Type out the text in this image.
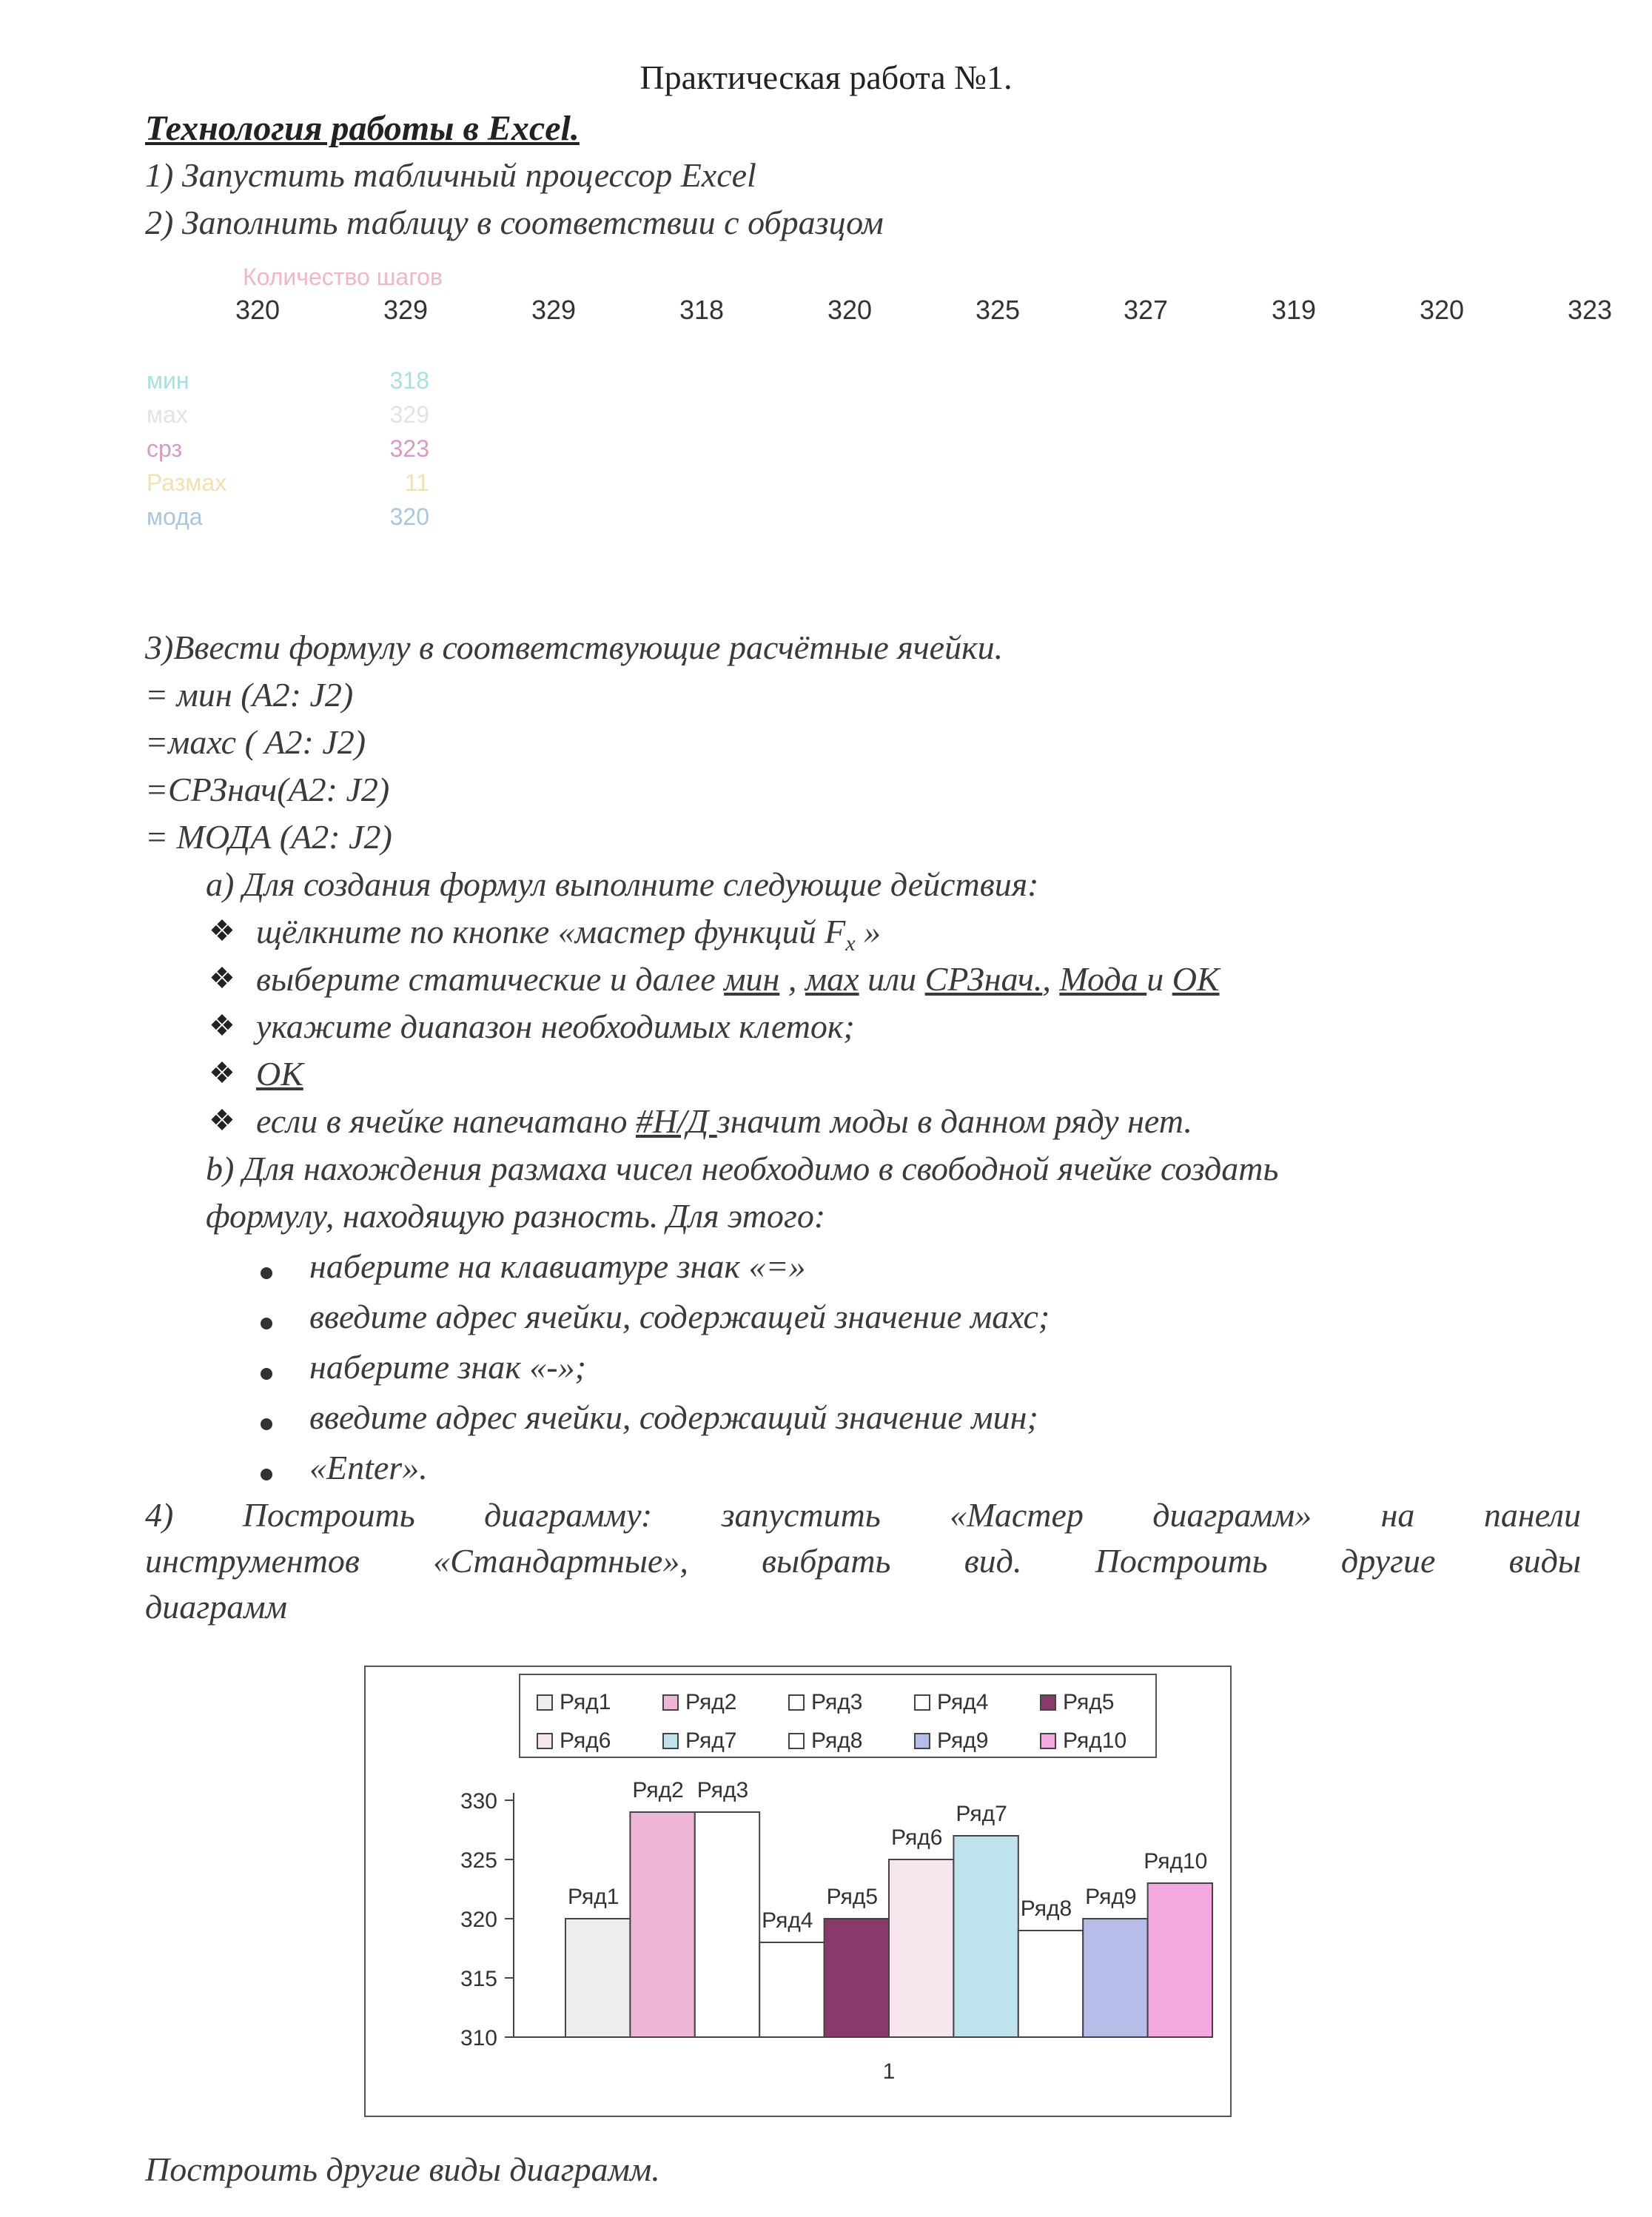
Практическая работа №1.
Технология работы в Excel.
1) Запустить табличный процессор Excel
2) Заполнить таблицу в соответствии с образцом
Количество шагов
320	329	329	318	320	325	327	319	320	323
мин	318
мах	329
срз	323
Размах	11
мода	320
3)Ввести формулу в соответствующие расчётные ячейки.
= мин (А2: J2)
=махс ( А2: J2)
=СРЗнач(А2: J2)
= МОДА (А2: J2)
а) Для создания формул выполните следующие действия:
❖ щёлкните по кнопке «мастер функций $F_x$ »
❖ выберите статические и далее мин , мах или СРЗнач., Мода и ОК
❖ укажите диапазон необходимых клеток;
❖ ОК
❖ если в ячейке напечатано #Н/Д значит моды в данном ряду нет.
b) Для нахождения размаха чисел необходимо в свободной ячейке создать
формулу, находящую разность. Для этого:
наберите на клавиатуре знак «=»
введите адрес ячейки, содержащей значение махс;
наберите знак «-»;
введите адрес ячейки, содержащий значение мин;
«Enter».
4) Построить диаграмму: запустить «Мастер диаграмм» на панели
инструментов «Стандартные», выбрать вид. Построить другие виды
диаграмм
Ряд1	Ряд2	Ряд3	Ряд4	Ряд5
Ряд6	Ряд7	Ряд8	Ряд9	Ряд10
310
315
320
325
330
Ряд1
Ряд2 Ряд3
Ряд4
Ряд5
Ряд6
Ряд7
Ряд8 Ряд9
Ряд10
1
Построить другие виды диаграмм.
